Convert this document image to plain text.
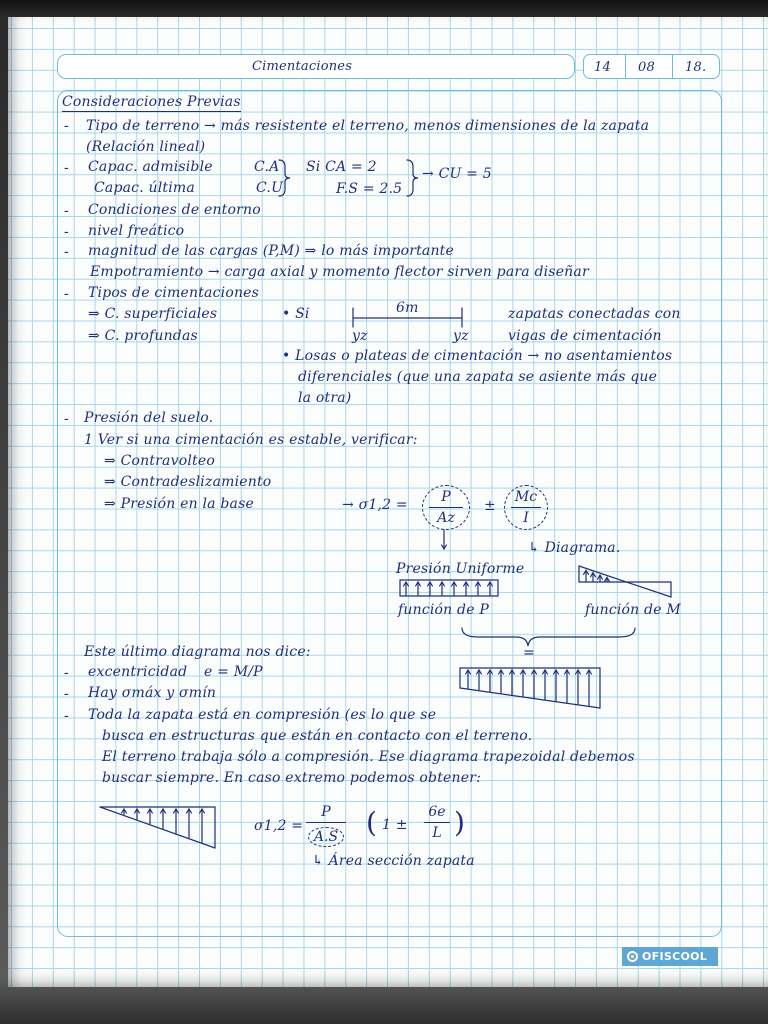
Cimentaciones	14 08 18.
Consideraciones Previas
- Tipo de terreno → más resistente el terreno, menos dimensiones de la zapata
(Relación lineal)
- Capac. admisible	C.A Si CA = 2	→ CU = 5
Capac. última	C.U	F.S = 2.5
- Condiciones de entorno
- nivel freático
- magnitud de las cargas (P,M) ⇒ lo más importante
Empotramiento → carga axial y momento flector sirven para diseñar
- Tipos de cimentaciones
⇒ C. superficiales	• Si	6m	zapatas conectadas con
⇒ C. profundas	yz	yz	vigas de cimentación
• Losas o plateas de cimentación → no asentamientos
diferenciales (que una zapata se asiente más que
la otra)
- Presión del suelo.
1 Ver si una cimentación es estable, verificar:
⇒ Contravolteo
⇒ Contradeslizamiento
⇒ Presión en la base	→ $\sigma 1,2 = \frac{P}{Az} \pm \frac{Mc}{I}$
↳ Diagrama.
Presión Uniforme
función de P	función de M
=
Este último diagrama nos dice:
- excentricidad e = M/P
- Hay σmáx y σmín
- Toda la zapata está en compresión (es lo que se
busca en estructuras que están en contacto con el terreno.
El terreno trabaja sólo a compresión. Ese diagrama trapezoidal debemos
buscar siempre. En caso extremo podemos obtener:
$\sigma 1,2 = \frac{P}{A.S}$ ( $1 \pm \frac{6e}{L}$ )
↳ Área sección zapata
OFISCOOL
